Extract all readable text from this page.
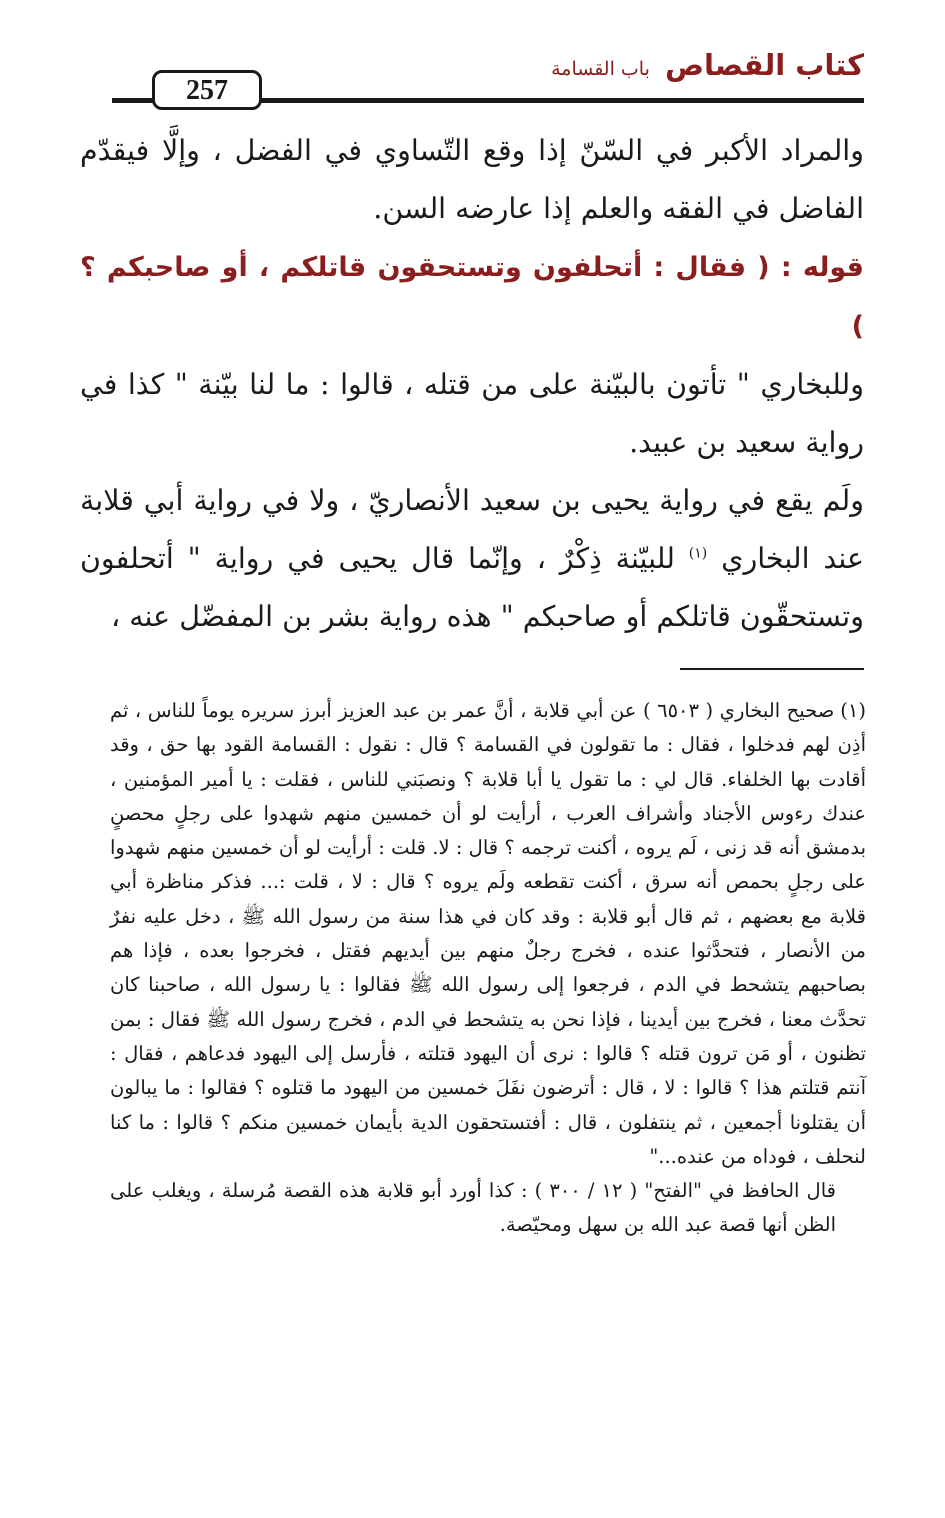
257
كتاب القصاص باب القسامة

والمراد الأكبر في السّنّ إذا وقع التّساوي في الفضل ، وإلَّا فيقدّم الفاضل في الفقه والعلم إذا عارضه السن.

قوله : ( فقال : أتحلفون وتستحقون قاتلكم ، أو صاحبكم ؟ )

وللبخاري " تأتون بالبيّنة على من قتله ، قالوا : ما لنا بيّنة " كذا في رواية سعيد بن عبيد.

ولَم يقع في رواية يحيى بن سعيد الأنصاريّ ، ولا في رواية أبي قلابة عند البخاري $^{(١)}$ للبيّنة ذِكْرٌ ، وإنّما قال يحيى في رواية " أتحلفون وتستحقّون قاتلكم أو صاحبكم " هذه رواية بشر بن المفضّل عنه ،

(١)صحيح البخاري ( ٦٥٠٣ ) عن أبي قلابة ، أنَّ عمر بن عبد العزيز أبرز سريره يوماً للناس ، ثم أذِن لهم فدخلوا ، فقال : ما تقولون في القسامة ؟ قال : نقول : القسامة القود بها حق ، وقد أقادت بها الخلفاء. قال لي : ما تقول يا أبا قلابة ؟ ونصبَني للناس ، فقلت : يا أمير المؤمنين ، عندك رءوس الأجناد وأشراف العرب ، أرأيت لو أن خمسين منهم شهدوا على رجلٍ محصنٍ بدمشق أنه قد زنى ، لَم يروه ، أكنت ترجمه ؟ قال : لا. قلت : أرأيت لو أن خمسين منهم شهدوا على رجلٍ بحمص أنه سرق ، أكنت تقطعه ولَم يروه ؟ قال : لا ، قلت :... فذكر مناظرة أبي قلابة مع بعضهم ، ثم قال أبو قلابة : وقد كان في هذا سنة من رسول الله ﷺ ، دخل عليه نفرٌ من الأنصار ، فتحدَّثوا عنده ، فخرج رجلٌ منهم بين أيديهم فقتل ، فخرجوا بعده ، فإذا هم بصاحبهم يتشحط في الدم ، فرجعوا إلى رسول الله ﷺ فقالوا : يا رسول الله ، صاحبنا كان تحدَّث معنا ، فخرج بين أيدينا ، فإذا نحن به يتشحط في الدم ، فخرج رسول الله ﷺ فقال : بمن تظنون ، أو مَن ترون قتله ؟ قالوا : نرى أن اليهود قتلته ، فأرسل إلى اليهود فدعاهم ، فقال : آنتم قتلتم هذا ؟ قالوا : لا ، قال : أترضون نفَلَ خمسين من اليهود ما قتلوه ؟ فقالوا : ما يبالون أن يقتلونا أجمعين ، ثم ينتفلون ، قال : أفتستحقون الدية بأيمان خمسين منكم ؟ قالوا : ما كنا لنحلف ، فوداه من عنده..."

قال الحافظ في "الفتح" ( ١٢ / ٣٠٠ ) : كذا أورد أبو قلابة هذه القصة مُرسلة ، ويغلب على الظن أنها قصة عبد الله بن سهل ومحيّصة.
